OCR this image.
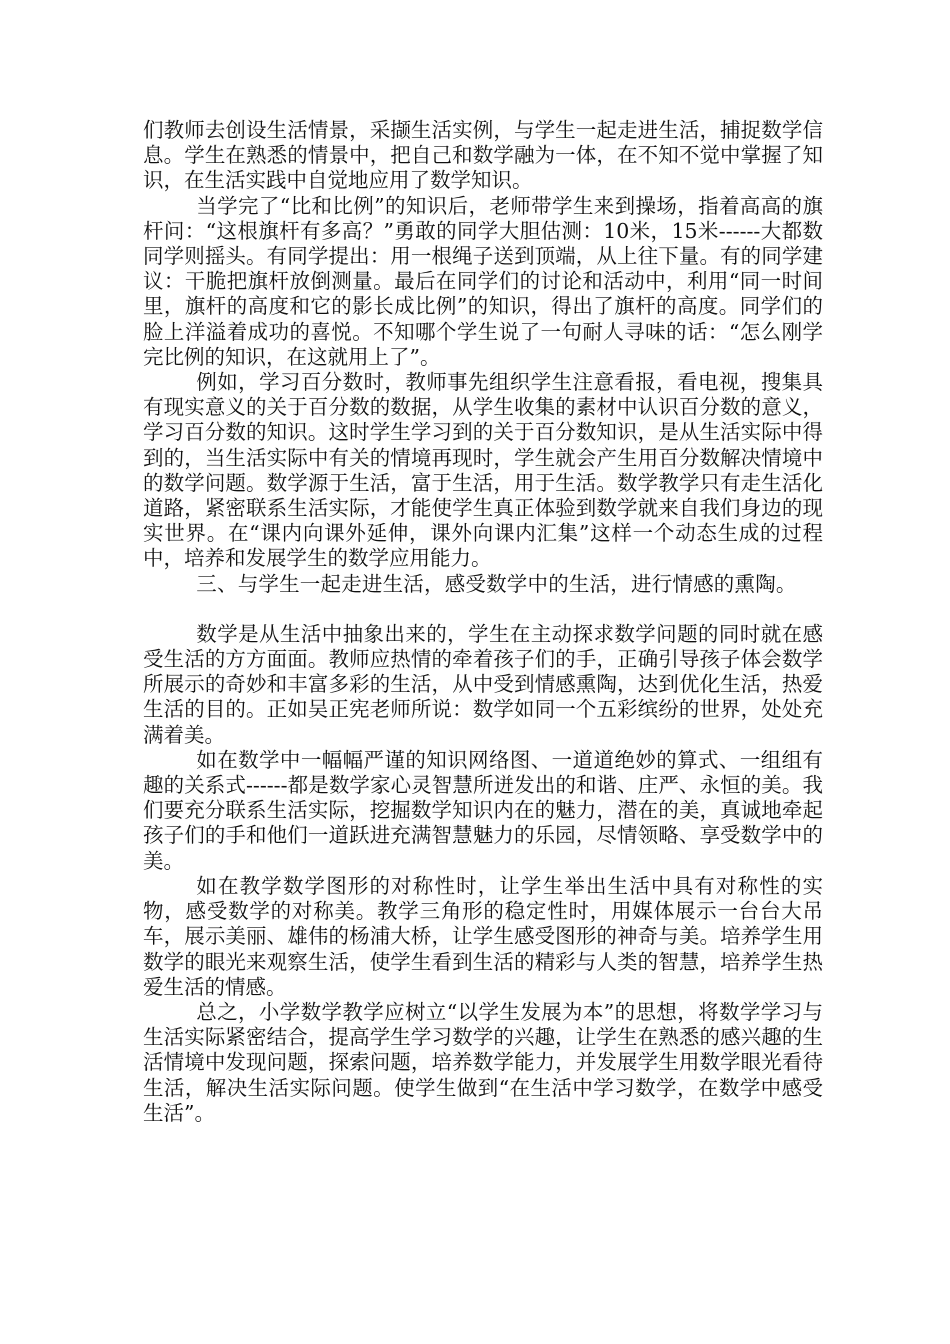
们教师去创设生活情景，采撷生活实例，与学生一起走进生活，捕捉数学信息。学生在熟悉的情景中，把自己和数学融为一体，在不知不觉中掌握了知识，在生活实践中自觉地应用了数学知识。

当学完了“比和比例”的知识后，老师带学生来到操场，指着高高的旗杆问：“这根旗杆有多高？”勇敢的同学大胆估测：10米，15米------大都数同学则摇头。有同学提出：用一根绳子送到顶端，从上往下量。有的同学建议：干脆把旗杆放倒测量。最后在同学们的讨论和活动中，利用“同一时间里，旗杆的高度和它的影长成比例”的知识，得出了旗杆的高度。同学们的脸上洋溢着成功的喜悦。不知哪个学生说了一句耐人寻味的话：“怎么刚学完比例的知识，在这就用上了”。

例如，学习百分数时，教师事先组织学生注意看报，看电视，搜集具有现实意义的关于百分数的数据，从学生收集的素材中认识百分数的意义，学习百分数的知识。这时学生学习到的关于百分数知识，是从生活实际中得到的，当生活实际中有关的情境再现时，学生就会产生用百分数解决情境中的数学问题。数学源于生活，富于生活，用于生活。数学教学只有走生活化道路，紧密联系生活实际，才能使学生真正体验到数学就来自我们身边的现实世界。在“课内向课外延伸，课外向课内汇集”这样一个动态生成的过程中，培养和发展学生的数学应用能力。

三、与学生一起走进生活，感受数学中的生活，进行情感的熏陶。

数学是从生活中抽象出来的，学生在主动探求数学问题的同时就在感受生活的方方面面。教师应热情的牵着孩子们的手，正确引导孩子体会数学所展示的奇妙和丰富多彩的生活，从中受到情感熏陶，达到优化生活，热爱生活的目的。正如吴正宪老师所说：数学如同一个五彩缤纷的世界，处处充满着美。

如在数学中一幅幅严谨的知识网络图、一道道绝妙的算式、一组组有趣的关系式------都是数学家心灵智慧所迸发出的和谐、庄严、永恒的美。我们要充分联系生活实际，挖掘数学知识内在的魅力，潜在的美，真诚地牵起孩子们的手和他们一道跃进充满智慧魅力的乐园，尽情领略、享受数学中的美。

如在教学数学图形的对称性时，让学生举出生活中具有对称性的实物，感受数学的对称美。教学三角形的稳定性时，用媒体展示一台台大吊车，展示美丽、雄伟的杨浦大桥，让学生感受图形的神奇与美。培养学生用数学的眼光来观察生活，使学生看到生活的精彩与人类的智慧，培养学生热爱生活的情感。

总之，小学数学教学应树立“以学生发展为本”的思想，将数学学习与生活实际紧密结合，提高学生学习数学的兴趣，让学生在熟悉的感兴趣的生活情境中发现问题，探索问题，培养数学能力，并发展学生用数学眼光看待生活，解决生活实际问题。使学生做到“在生活中学习数学，在数学中感受生活”。
